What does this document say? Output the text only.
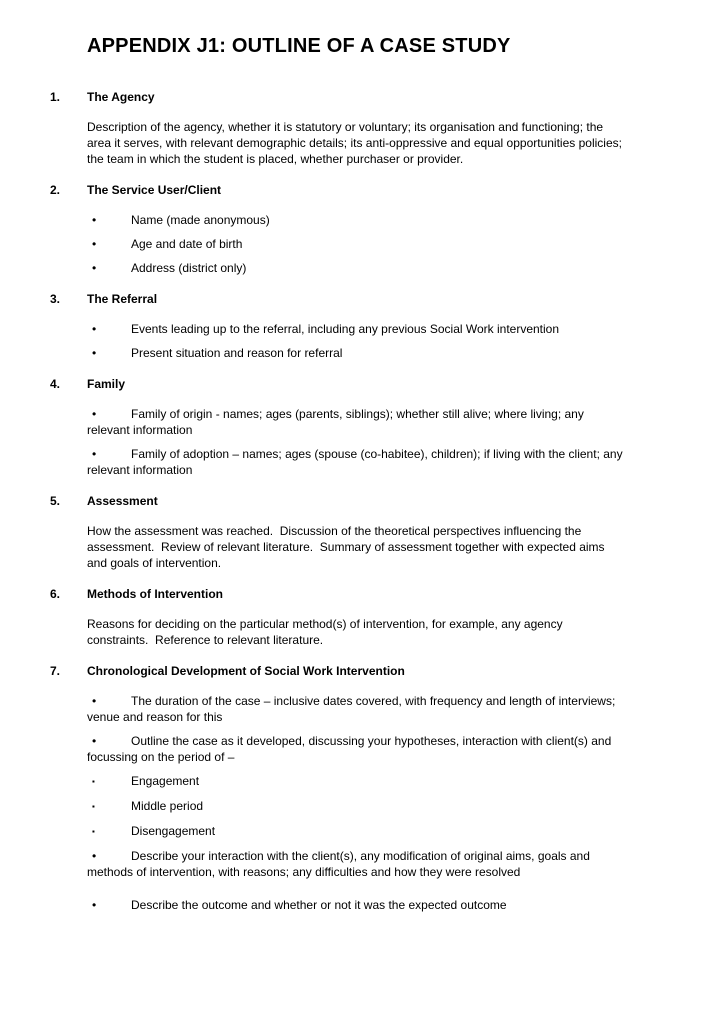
APPENDIX J1: OUTLINE OF A CASE STUDY
1.	The Agency

Description of the agency, whether it is statutory or voluntary; its organisation and functioning; the area it serves, with relevant demographic details; its anti-oppressive and equal opportunities policies; the team in which the student is placed, whether purchaser or provider.

2.	The Service User/Client

•	Name (made anonymous)

•	Age and date of birth

•	Address (district only)

3.	The Referral

•	Events leading up to the referral, including any previous Social Work intervention

•	Present situation and reason for referral

4.	Family

•	Family of origin - names; ages (parents, siblings); whether still alive; where living; any relevant information

•	Family of adoption – names; ages (spouse (co-habitee), children); if living with the client; any relevant information

5.	Assessment

How the assessment was reached.  Discussion of the theoretical perspectives influencing the assessment.  Review of relevant literature.  Summary of assessment together with expected aims and goals of intervention.

6.	Methods of Intervention

Reasons for deciding on the particular method(s) of intervention, for example, any agency constraints.  Reference to relevant literature.

7.	Chronological Development of Social Work Intervention

•	The duration of the case – inclusive dates covered, with frequency and length of interviews; venue and reason for this

•	Outline the case as it developed, discussing your hypotheses, interaction with client(s) and focussing on the period of –

▪	Engagement

▪	Middle period

▪	Disengagement

•	Describe your interaction with the client(s), any modification of original aims, goals and methods of intervention, with reasons; any difficulties and how they were resolved

•	Describe the outcome and whether or not it was the expected outcome
